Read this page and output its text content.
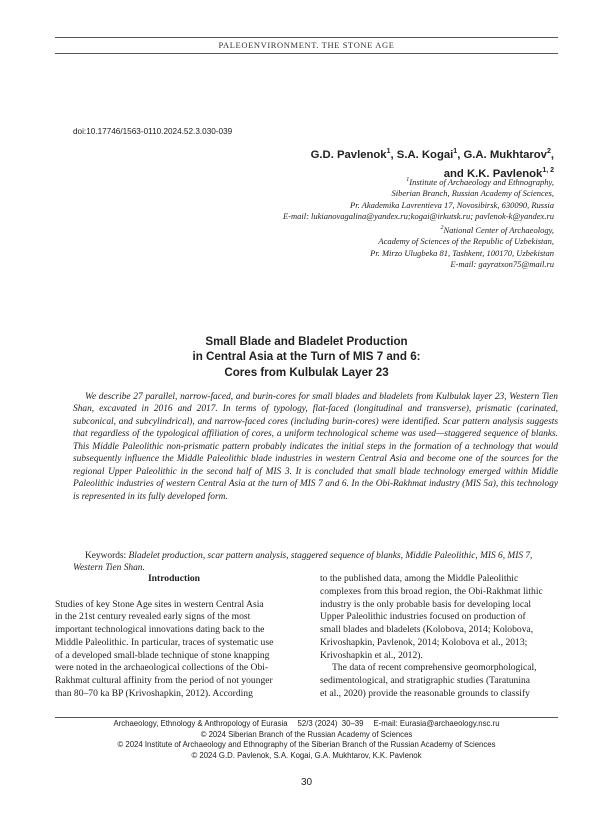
PALEOENVIRONMENT. THE STONE AGE
doi:10.17746/1563-0110.2024.52.3.030-039
G.D. Pavlenok$^1$, S.A. Kogai$^1$, G.A. Mukhtarov$^2$,
and K.K. Pavlenok$^{1, 2}$
$^1$Institute of Archaeology and Ethnography,
Siberian Branch, Russian Academy of Sciences,
Pr. Akademika Lavrentieva 17, Novosibirsk, 630090, Russia
E-mail: lukianovagalina@yandex.ru;kogai@irkutsk.ru; pavlenok-k@yandex.ru
$^2$National Center of Archaeology,
Academy of Sciences of the Republic of Uzbekistan,
Pr. Mirzo Ulugbeka 81, Tashkent, 100170, Uzbekistan
E-mail: gayratxon75@mail.ru
Small Blade and Bladelet Production
in Central Asia at the Turn of MIS 7 and 6:
Cores from Kulbulak Layer 23

We describe 27 parallel, narrow-faced, and burin-cores for small blades and bladelets from Kulbulak layer 23, Western Tien Shan, excavated in 2016 and 2017. In terms of typology, flat-faced (longitudinal and transverse), prismatic (carinated, subconical, and subcylindrical), and narrow-faced cores (including burin-cores) were identified. Scar pattern analysis suggests that regardless of the typological affiliation of cores, a uniform technological scheme was used—staggered sequence of blanks. This Middle Paleolithic non-prismatic pattern probably indicates the initial steps in the formation of a technology that would subsequently influence the Middle Paleolithic blade industries in western Central Asia and become one of the sources for the regional Upper Paleolithic in the second half of MIS 3. It is concluded that small blade technology emerged within Middle Paleolithic industries of western Central Asia at the turn of MIS 7 and 6. In the Obi-Rakhmat industry (MIS 5a), this technology is represented in its fully developed form.

Keywords: Bladelet production, scar pattern analysis, staggered sequence of blanks, Middle Paleolithic, MIS 6, MIS 7, Western Tien Shan.

Introduction

Studies of key Stone Age sites in western Central Asia
in the 21st century revealed early signs of the most
important technological innovations dating back to the
Middle Paleolithic. In particular, traces of systematic use
of a developed small-blade technique of stone knapping
were noted in the archaeological collections of the Obi-
Rakhmat cultural affinity from the period of not younger
than 80–70 ka BP (Krivoshapkin, 2012). According

to the published data, among the Middle Paleolithic
complexes from this broad region, the Obi-Rakhmat lithic
industry is the only probable basis for developing local
Upper Paleolithic industries focused on production of
small blades and bladelets (Kolobova, 2014; Kolobova,
Krivoshapkin, Pavlenok, 2014; Kolobova et al., 2013;
Krivoshapkin et al., 2012).

The data of recent comprehensive geomorphological,
sedimentological, and stratigraphic studies (Taratunina
et al., 2020) provide the reasonable grounds to classify

Archaeology, Ethnology & Anthropology of Eurasia 52/3 (2024) 30–39 E-mail: Eurasia@archaeology.nsc.ru
© 2024 Siberian Branch of the Russian Academy of Sciences
© 2024 Institute of Archaeology and Ethnography of the Siberian Branch of the Russian Academy of Sciences
© 2024 G.D. Pavlenok, S.A. Kogai, G.A. Mukhtarov, K.K. Pavlenok
30
